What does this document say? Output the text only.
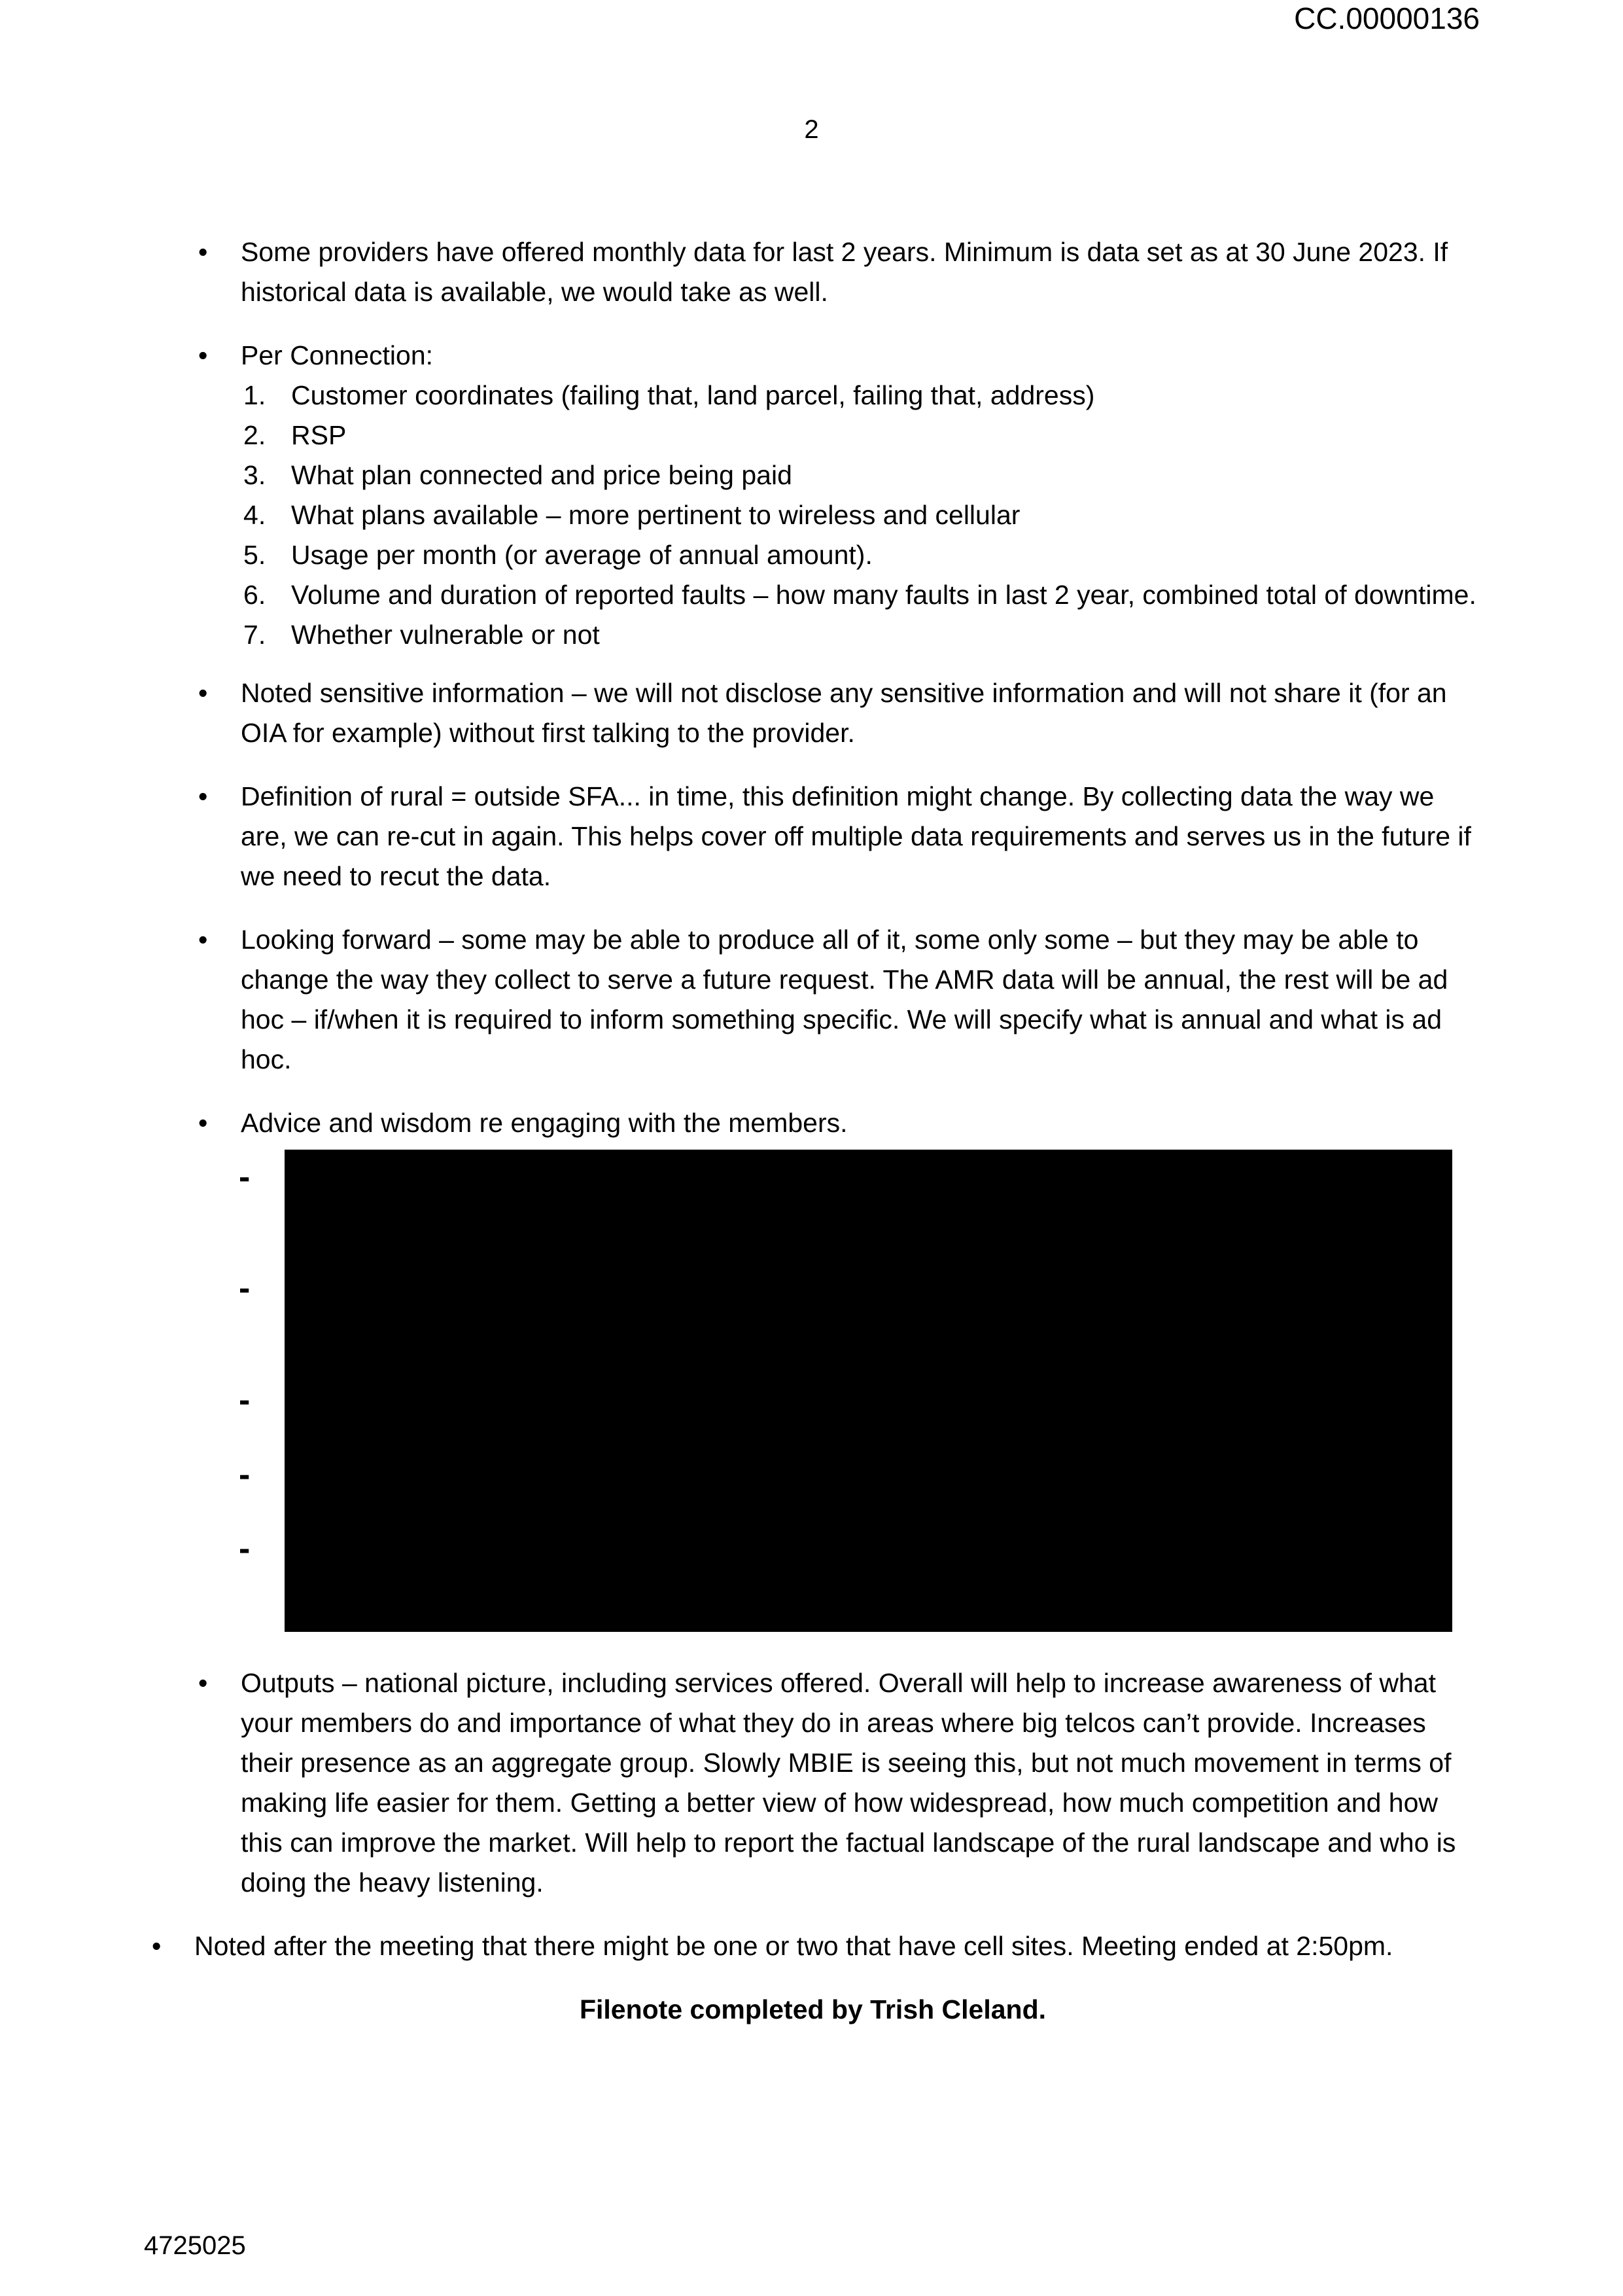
CC.00000136
2
•	Some providers have offered monthly data for last 2 years. Minimum is data set as at 30 June 2023. If historical data is available, we would take as well.
•	Per Connection:
Customer coordinates (failing that, land parcel, failing that, address)
RSP
What plan connected and price being paid
What plans available – more pertinent to wireless and cellular
Usage per month (or average of annual amount).
Volume and duration of reported faults – how many faults in last 2 year, combined total of downtime.
Whether vulnerable or not
•	Noted sensitive information – we will not disclose any sensitive information and will not share it (for an OIA for example) without first talking to the provider.
•	Definition of rural = outside SFA... in time, this definition might change. By collecting data the way we are, we can re-cut in again. This helps cover off multiple data requirements and serves us in the future if we need to recut the data.
•	Looking forward – some may be able to produce all of it, some only some – but they may be able to change the way they collect to serve a future request. The AMR data will be annual, the rest will be ad hoc – if/when it is required to inform something specific. We will specify what is annual and what is ad hoc.
•	Advice and wisdom re engaging with the members.
-
-
-
-
-
•	Outputs – national picture, including services offered. Overall will help to increase awareness of what your members do and importance of what they do in areas where big telcos can’t provide. Increases their presence as an aggregate group. Slowly MBIE is seeing this, but not much movement in terms of making life easier for them. Getting a better view of how widespread, how much competition and how this can improve the market. Will help to report the factual landscape of the rural landscape and who is doing the heavy listening.
•	Noted after the meeting that there might be one or two that have cell sites. Meeting ended at 2:50pm.
Filenote completed by Trish Cleland.
4725025
